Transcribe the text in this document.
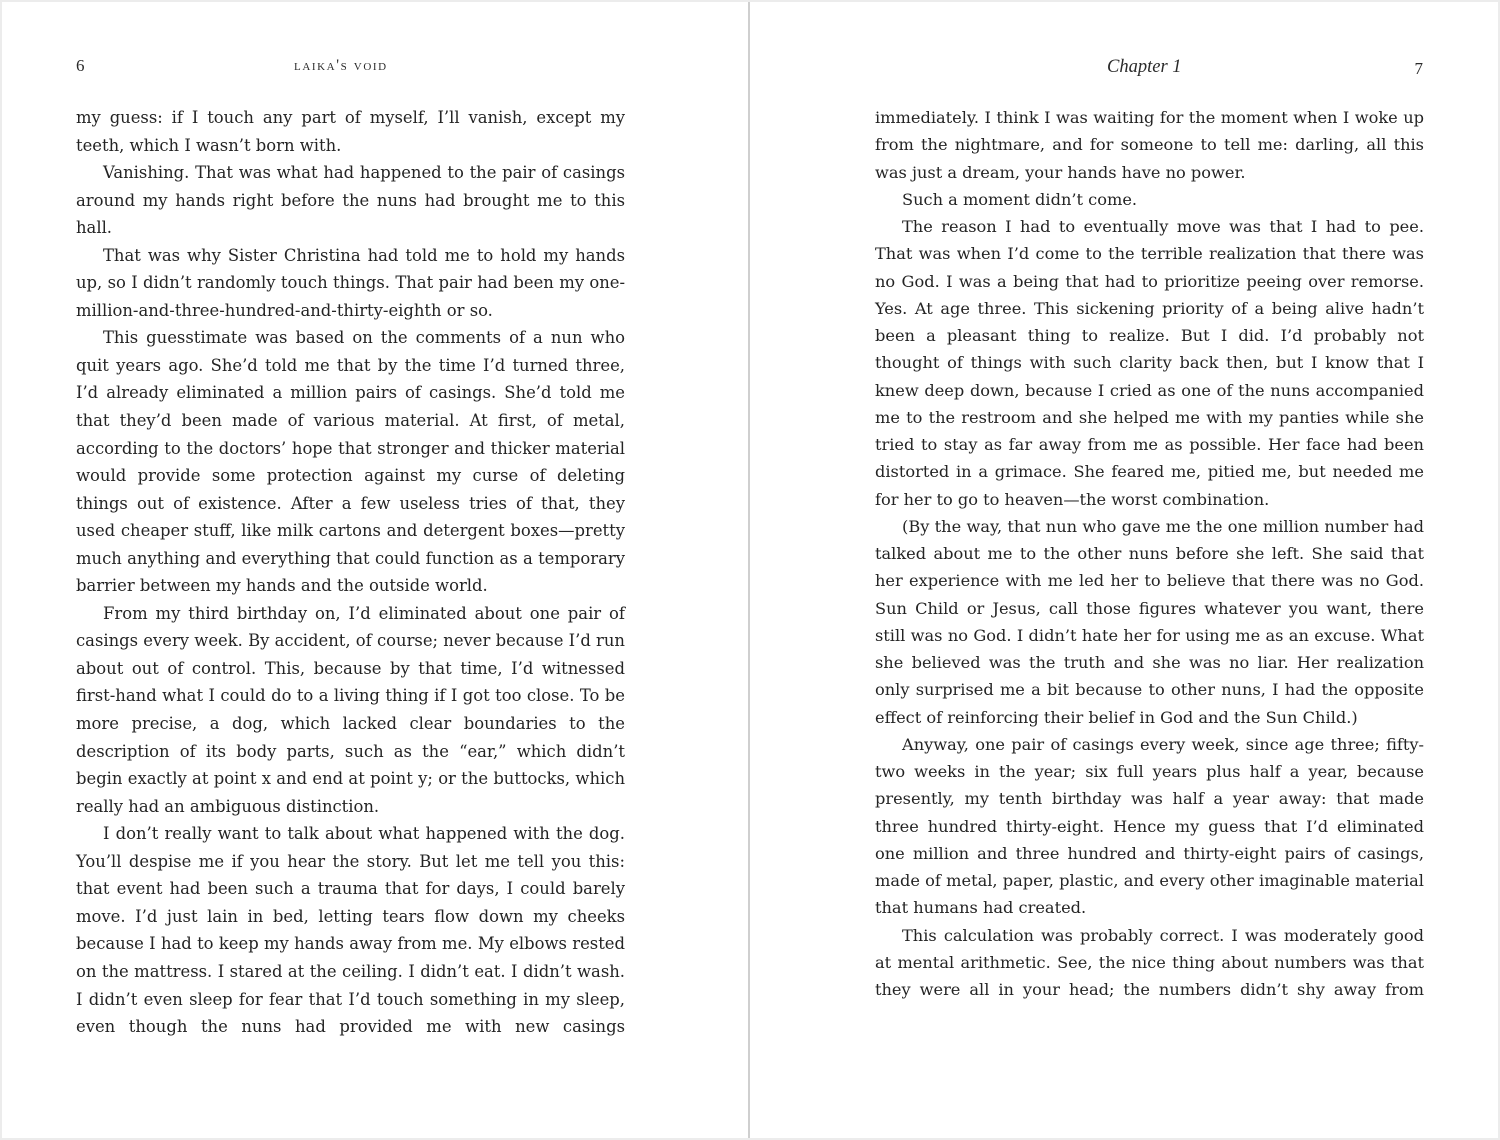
6	laika's void

my guess: if I touch any part of myself, I’ll vanish, except my teeth, which I wasn’t born with.

Vanishing. That was what had happened to the pair of casings around my hands right before the nuns had brought me to this hall.

That was why Sister Christina had told me to hold my hands up, so I didn’t randomly touch things. That pair had been my one-million-and-three-hundred-and-thirty-eighth or so.

This guesstimate was based on the comments of a nun who quit years ago. She’d told me that by the time I’d turned three, I’d already eliminated a million pairs of casings. She’d told me that they’d been made of various material. At first, of metal, according to the doctors’ hope that stronger and thicker material would provide some protection against my curse of deleting things out of existence. After a few useless tries of that, they used cheaper stuff, like milk cartons and detergent boxes—pretty much anything and everything that could function as a temporary barrier between my hands and the outside world.

From my third birthday on, I’d eliminated about one pair of casings every week. By accident, of course; never because I’d run about out of control. This, because by that time, I’d witnessed first-hand what I could do to a living thing if I got too close. To be more precise, a dog, which lacked clear boundaries to the description of its body parts, such as the “ear,” which didn’t begin exactly at point x and end at point y; or the buttocks, which really had an ambiguous distinction.

I don’t really want to talk about what happened with the dog. You’ll despise me if you hear the story. But let me tell you this: that event had been such a trauma that for days, I could barely move. I’d just lain in bed, letting tears flow down my cheeks because I had to keep my hands away from me. My elbows rested on the mattress. I stared at the ceiling. I didn’t eat. I didn’t wash. I didn’t even sleep for fear that I’d touch something in my sleep, even though the nuns had provided me with new casings

Chapter 1	7

immediately. I think I was waiting for the moment when I woke up from the nightmare, and for someone to tell me: darling, all this was just a dream, your hands have no power.

Such a moment didn’t come.

The reason I had to eventually move was that I had to pee. That was when I’d come to the terrible realization that there was no God. I was a being that had to prioritize peeing over remorse. Yes. At age three. This sickening priority of a being alive hadn’t been a pleasant thing to realize. But I did. I’d probably not thought of things with such clarity back then, but I know that I knew deep down, because I cried as one of the nuns accompanied me to the restroom and she helped me with my panties while she tried to stay as far away from me as possible. Her face had been distorted in a grimace. She feared me, pitied me, but needed me for her to go to heaven—the worst combination.

(By the way, that nun who gave me the one million number had talked about me to the other nuns before she left. She said that her experience with me led her to believe that there was no God. Sun Child or Jesus, call those figures whatever you want, there still was no God. I didn’t hate her for using me as an excuse. What she believed was the truth and she was no liar. Her realization only surprised me a bit because to other nuns, I had the opposite effect of reinforcing their belief in God and the Sun Child.)

Anyway, one pair of casings every week, since age three; fifty-two weeks in the year; six full years plus half a year, because presently, my tenth birthday was half a year away: that made three hundred thirty-eight. Hence my guess that I’d eliminated one million and three hundred and thirty-eight pairs of casings, made of metal, paper, plastic, and every other imaginable material that humans had created.

This calculation was probably correct. I was moderately good at mental arithmetic. See, the nice thing about numbers was that they were all in your head; the numbers didn’t shy away from
